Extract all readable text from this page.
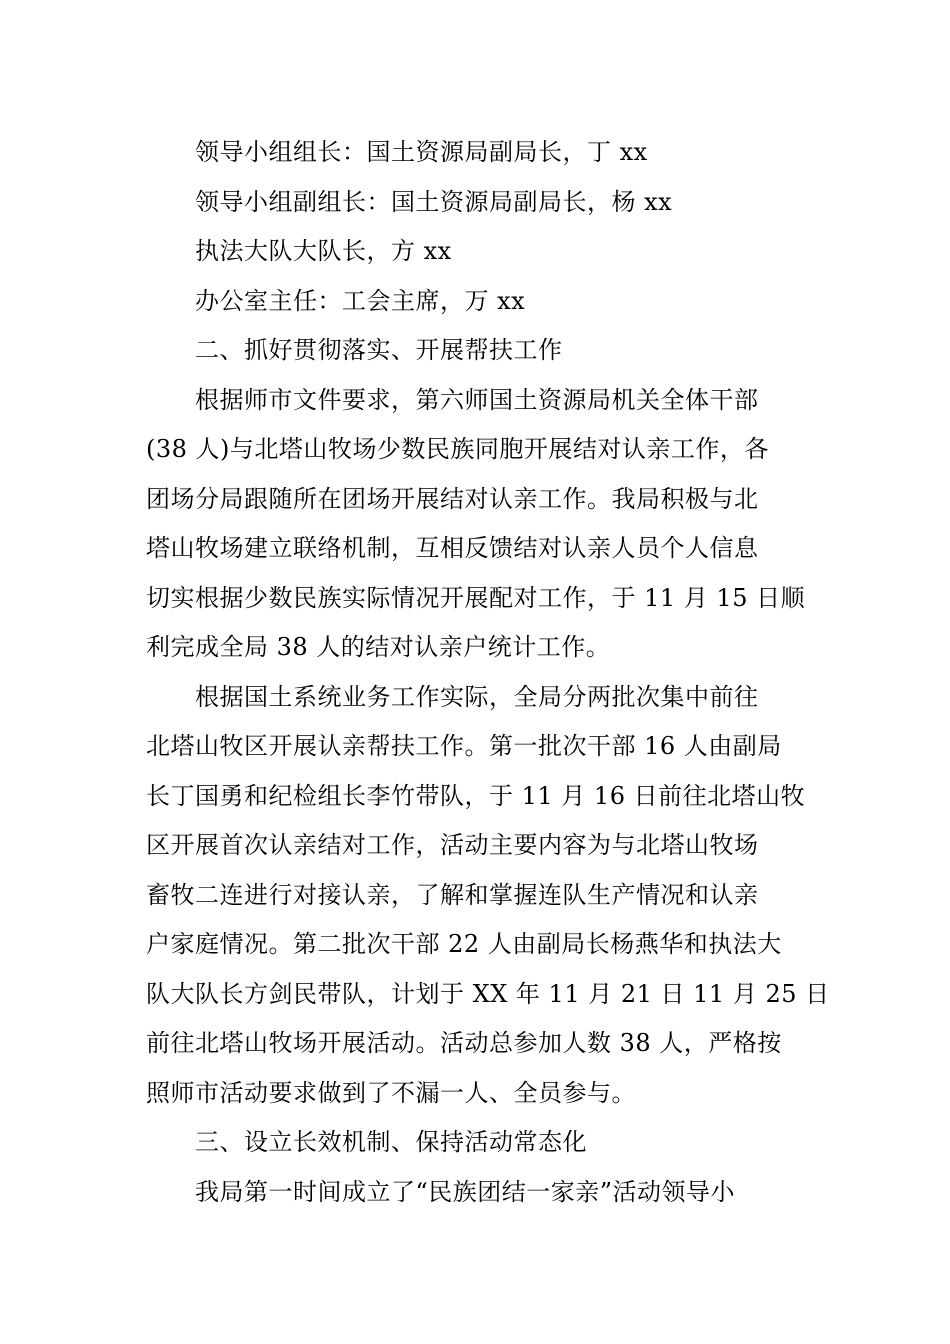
领导小组组长：国土资源局副局长，丁 xx
领导小组副组长：国土资源局副局长，杨 xx
执法大队大队长，方 xx
办公室主任：工会主席，万 xx
二、抓好贯彻落实、开展帮扶工作
根据师市文件要求，第六师国土资源局机关全体干部
(38 人)与北塔山牧场少数民族同胞开展结对认亲工作，各
团场分局跟随所在团场开展结对认亲工作。我局积极与北
塔山牧场建立联络机制，互相反馈结对认亲人员个人信息
切实根据少数民族实际情况开展配对工作，于 11 月 15 日顺
利完成全局 38 人的结对认亲户统计工作。
根据国土系统业务工作实际，全局分两批次集中前往
北塔山牧区开展认亲帮扶工作。第一批次干部 16 人由副局
长丁国勇和纪检组长李竹带队，于 11 月 16 日前往北塔山牧
区开展首次认亲结对工作，活动主要内容为与北塔山牧场
畜牧二连进行对接认亲，了解和掌握连队生产情况和认亲
户家庭情况。第二批次干部 22 人由副局长杨燕华和执法大
队大队长方剑民带队，计划于 XX 年 11 月 21 日 11 月 25 日
前往北塔山牧场开展活动。活动总参加人数 38 人，严格按
照师市活动要求做到了不漏一人、全员参与。
三、设立长效机制、保持活动常态化
我局第一时间成立了“民族团结一家亲”活动领导小
